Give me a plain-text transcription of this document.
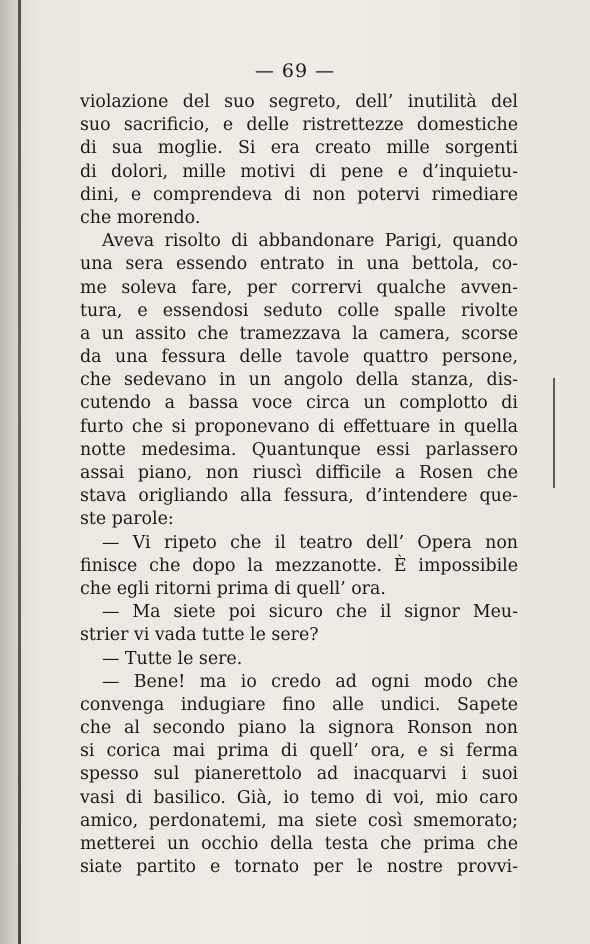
— 69 —
violazione del suo segreto, dell’ inutilità del
suo sacrificio, e delle ristrettezze domestiche
di sua moglie. Si era creato mille sorgenti
di dolori, mille motivi di pene e d’inquietu-
dini, e comprendeva di non potervi rimediare
che morendo.
Aveva risolto di abbandonare Parigi, quando
una sera essendo entrato in una bettola, co-
me soleva fare, per corrervi qualche avven-
tura, e essendosi seduto colle spalle rivolte
a un assito che tramezzava la camera, scorse
da una fessura delle tavole quattro persone,
che sedevano in un angolo della stanza, dis-
cutendo a bassa voce circa un complotto di
furto che si proponevano di effettuare in quella
notte medesima. Quantunque essi parlassero
assai piano, non riuscì difficile a Rosen che
stava origliando alla fessura, d’intendere que-
ste parole:
— Vi ripeto che il teatro dell’ Opera non
finisce che dopo la mezzanotte. È impossibile
che egli ritorni prima di quell’ ora.
— Ma siete poi sicuro che il signor Meu-
strier vi vada tutte le sere?
— Tutte le sere.
— Bene! ma io credo ad ogni modo che
convenga indugiare fino alle undici. Sapete
che al secondo piano la signora Ronson non
si corica mai prima di quell’ ora, e si ferma
spesso sul pianerettolo ad inacquarvi i suoi
vasi di basilico. Già, io temo di voi, mio caro
amico, perdonatemi, ma siete così smemorato;
metterei un occhio della testa che prima che
siate partito e tornato per le nostre provvi-
